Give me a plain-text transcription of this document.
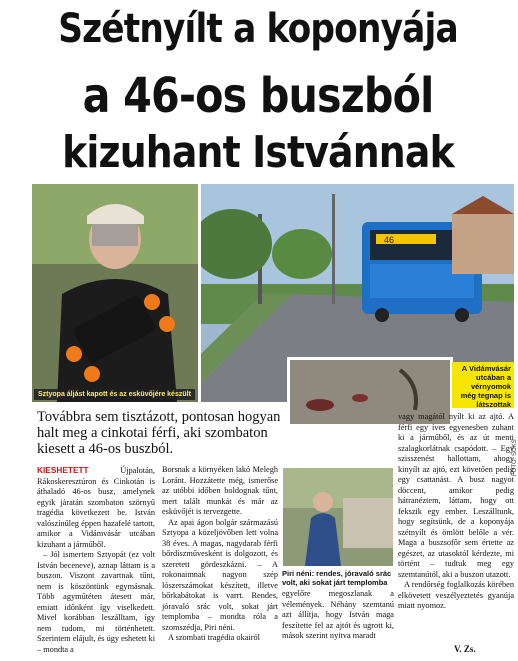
Szétnyílt a koponyája
a 46-os buszból
kizuhant Istvánnak
46
FOTÓ: SOKS
Sztyopa áljást kapott és az esküvőjére készült
A Vidámvásár utcában a vérnyomok még tegnap is látszottak
Továbbra sem tisztázott, pontosan hogyan halt meg a cinkotai férfi, aki szombaton kiesett a 46-os buszból.

KIESHETETT Újpalotán, Rákoskeresztúron és Cinkotán is áthaladó 46-os busz, amelynek egyik járatán szombaton szörnyű tragédia következett be. István valószínűleg éppen hazafelé tartott, amikor a Vidámvásár utcában kizuhant a járműből.

– Jól ismertem Sztyopát (ez volt István beceneve), aznap láttam is a buszon. Viszont zavartnak tűnt, nem is köszöntünk egymásnak. Több agyműtéten átesett már, emiatt időnként így viselkedett. Mivel korábban leszálltam, így nem tudom, mi történhetett. Szerintem elájult, és úgy eshetett ki – mondta a

Borsnak a környéken lakó Melegh Loránt. Hozzátette még, ismerőse az utóbbi időben boldognak tűnt, mert talált munkát és már az esküvőjét is tervezgette.

Az apai ágon bolgár származású Sztyopa a közeljövőben lett volna 38 éves. A magas, nagydarab férfi bőrdíszművesként is dolgozott, és szeretett gördeszkázni. – A rokonaimnak nagyon szép lószerszámokat készített, illetve bőrkabátokat is varrt. Rendes, jóravaló srác volt, sokat járt templomba – mondta róla a szomszédja, Piri néni.

A szombati tragédia okairól

Piri néni: rendes, jóravaló srác volt, aki sokat járt templomba
egyelőre megoszlanak a vélemények. Néhány szemtanú azt állítja, hogy István maga feszítette fel az ajtót és ugrott ki, mások szerint nyitva maradt

vagy magától nyílt ki az ajtó. A férfi egy íves egyenesben zuhant ki a járműből, és az út menti szalagkorlátnak csapódott. – Egy szisszenést hallottam, ahogy kinyílt az ajtó, ezt követően pedig egy csattanást. A busz nagyot döccent, amikor pedig hátranéztem, láttam, hogy ott fekszik egy ember. Leszálltunk, hogy segítsünk, de a koponyája szétnyílt és ömlött belőle a vér. Maga a buszsofőr sem értette az egészet, az utasoktól kérdezte, mi történt – tudtuk meg egy szemtanútól, aki a buszon utazott.

A rendőrség foglalkozás körében elkövetett veszélyeztetés gyanúja miatt nyomoz.

V. Zs.
